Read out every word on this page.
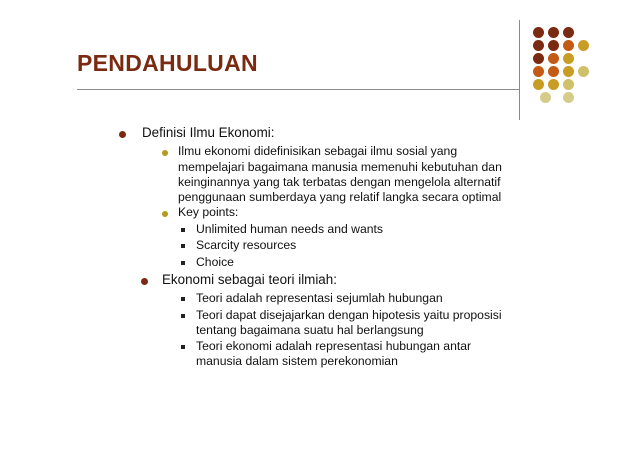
PENDAHULUAN
Definisi Ilmu Ekonomi:
Ilmu ekonomi didefinisikan sebagai ilmu sosial yang
mempelajari bagaimana manusia memenuhi kebutuhan dan
keinginannya yang tak terbatas dengan mengelola alternatif
penggunaan sumberdaya yang relatif langka secara optimal
Key points:
Unlimited human needs and wants
Scarcity resources
Choice
Ekonomi sebagai teori ilmiah:
Teori adalah representasi sejumlah hubungan
Teori dapat disejajarkan dengan hipotesis yaitu proposisi
tentang bagaimana suatu hal berlangsung
Teori ekonomi adalah representasi hubungan antar
manusia dalam sistem perekonomian
